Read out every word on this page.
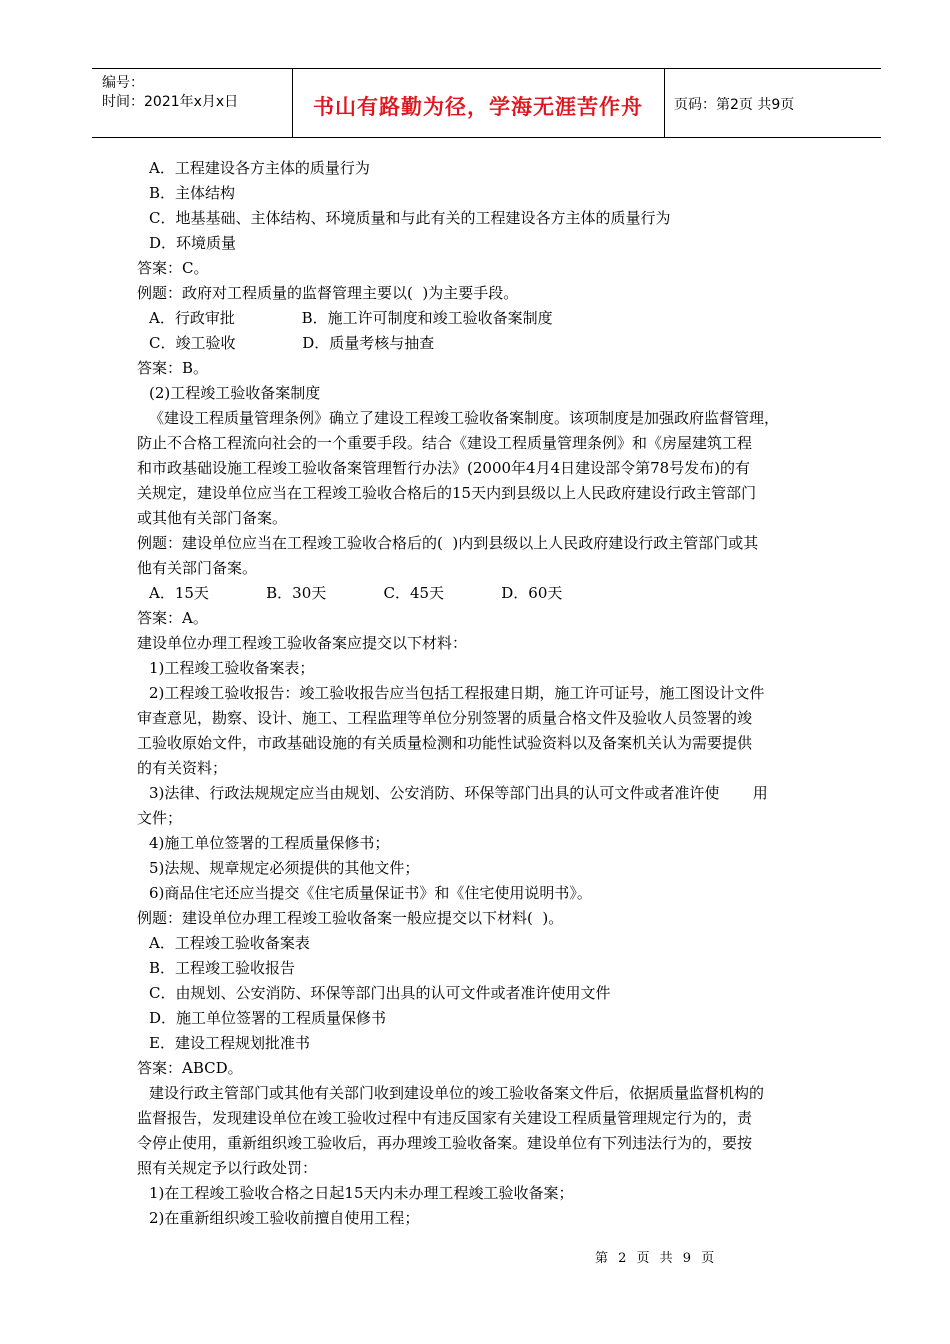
编号：
时间：2021年x月x日	书山有路勤为径，学海无涯苦作舟	页码：第2页 共9页
A．工程建设各方主体的质量行为
B．主体结构
C．地基基础、主体结构、环境质量和与此有关的工程建设各方主体的质量行为
D．环境质量
答案：C。
例题：政府对工程质量的监督管理主要以(  )为主要手段。
A．行政审批              B．施工许可制度和竣工验收备案制度
C．竣工验收              D．质量考核与抽查
答案：B。
(2)工程竣工验收备案制度
《建设工程质量管理条例》确立了建设工程竣工验收备案制度。该项制度是加强政府监督管理，
防止不合格工程流向社会的一个重要手段。结合《建设工程质量管理条例》和《房屋建筑工程
和市政基础设施工程竣工验收备案管理暂行办法》(2000年4月4日建设部令第78号发布)的有
关规定，建设单位应当在工程竣工验收合格后的15天内到县级以上人民政府建设行政主管部门
或其他有关部门备案。
例题：建设单位应当在工程竣工验收合格后的(  )内到县级以上人民政府建设行政主管部门或其
他有关部门备案。
A．15天            B．30天            C．45天            D．60天
答案：A。
建设单位办理工程竣工验收备案应提交以下材料：
1)工程竣工验收备案表；
2)工程竣工验收报告：竣工验收报告应当包括工程报建日期，施工许可证号，施工图设计文件
审查意见，勘察、设计、施工、工程监理等单位分别签署的质量合格文件及验收人员签署的竣
工验收原始文件，市政基础设施的有关质量检测和功能性试验资料以及备案机关认为需要提供
的有关资料；
3)法律、行政法规规定应当由规划、公安消防、环保等部门出具的认可文件或者准许使       用
文件；
4)施工单位签署的工程质量保修书；
5)法规、规章规定必须提供的其他文件；
6)商品住宅还应当提交《住宅质量保证书》和《住宅使用说明书》。
例题：建设单位办理工程竣工验收备案一般应提交以下材料(  )。
A．工程竣工验收备案表
B．工程竣工验收报告
C．由规划、公安消防、环保等部门出具的认可文件或者准许使用文件
D．施工单位签署的工程质量保修书
E．建设工程规划批准书
答案：ABCD。
建设行政主管部门或其他有关部门收到建设单位的竣工验收备案文件后，依据质量监督机构的
监督报告，发现建设单位在竣工验收过程中有违反国家有关建设工程质量管理规定行为的，责
令停止使用，重新组织竣工验收后，再办理竣工验收备案。建设单位有下列违法行为的，要按
照有关规定予以行政处罚：
1)在工程竣工验收合格之日起15天内未办理工程竣工验收备案；
2)在重新组织竣工验收前擅自使用工程；
第 2 页 共 9 页
